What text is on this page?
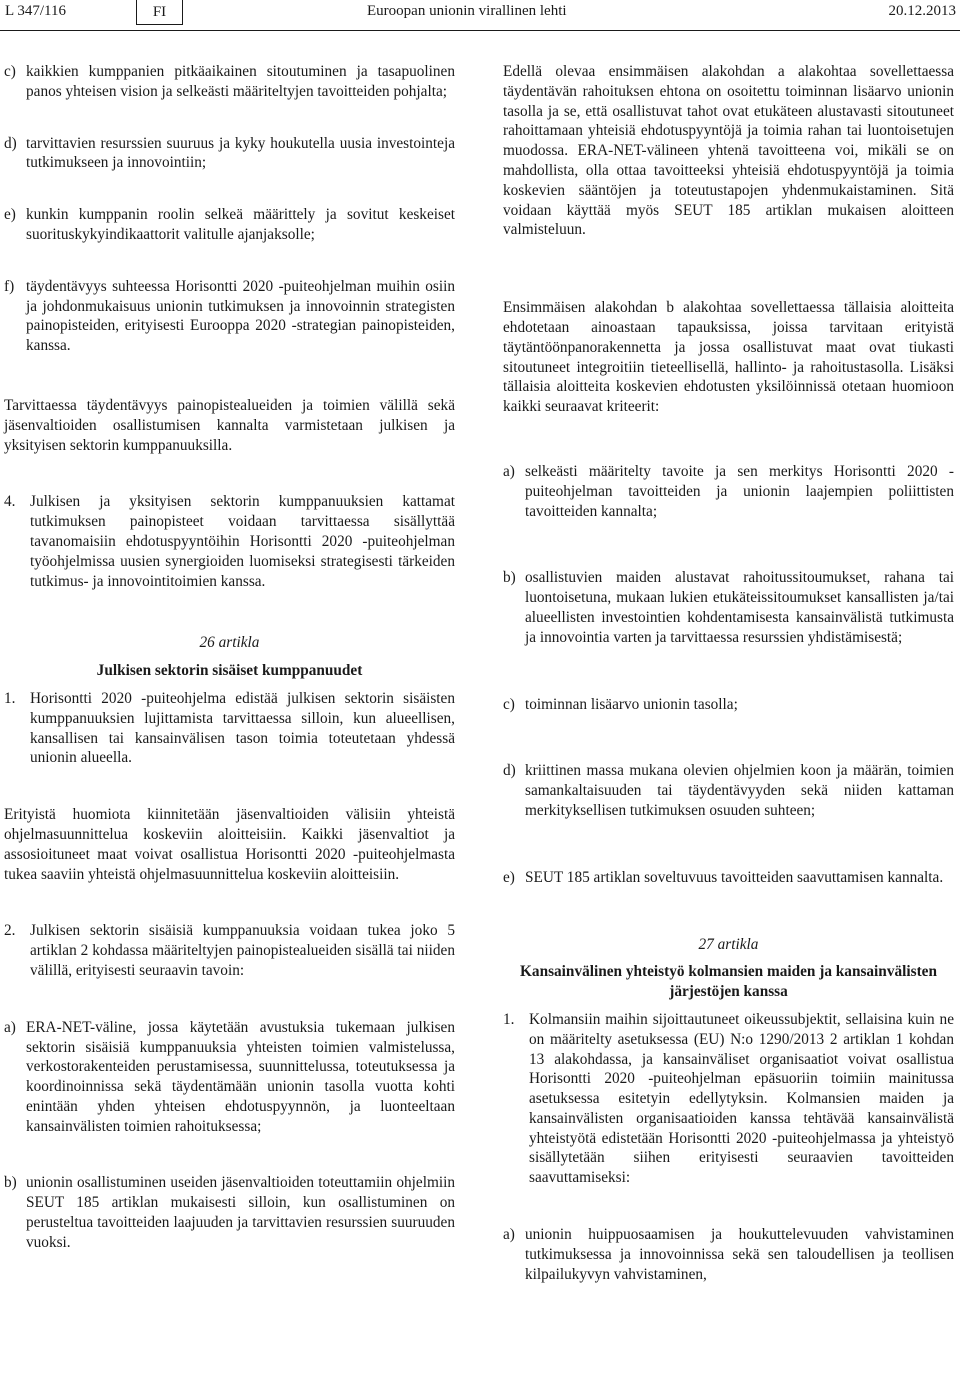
L 347/116	FI	Euroopan unionin virallinen lehti	20.12.2013
c) kaikkien kumppanien pitkäaikainen sitoutuminen ja tasapuolinen panos yhteisen vision ja selkeästi määriteltyjen tavoitteiden pohjalta;
d) tarvittavien resurssien suuruus ja kyky houkutella uusia investointeja tutkimukseen ja innovointiin;
e) kunkin kumppanin roolin selkeä määrittely ja sovitut keskeiset suorituskykyindikaattorit valitulle ajanjaksolle;
f) täydentävyys suhteessa Horisontti 2020 -puiteohjelman muihin osiin ja johdonmukaisuus unionin tutkimuksen ja innovoinnin strategisten painopisteiden, erityisesti Eurooppa 2020 -strategian painopisteiden, kanssa.

Tarvittaessa täydentävyys painopistealueiden ja toimien välillä sekä jäsenvaltioiden osallistumisen kannalta varmistetaan julkisen ja yksityisen sektorin kumppanuuksilla.

4. Julkisen ja yksityisen sektorin kumppanuuksien kattamat tutkimuksen painopisteet voidaan tarvittaessa sisällyttää tavanomaisiin ehdotuspyyntöihin Horisontti 2020 -puiteohjelman työohjelmissa uusien synergioiden luomiseksi strategisesti tärkeiden tutkimus- ja innovointitoimien kanssa.
26 artikla
Julkisen sektorin sisäiset kumppanuudet
1. Horisontti 2020 -puiteohjelma edistää julkisen sektorin sisäisten kumppanuuksien lujittamista tarvittaessa silloin, kun alueellisen, kansallisen tai kansainvälisen tason toimia toteutetaan yhdessä unionin alueella.

Erityistä huomiota kiinnitetään jäsenvaltioiden välisiin yhteistä ohjelmasuunnittelua koskeviin aloitteisiin. Kaikki jäsenvaltiot ja assosioituneet maat voivat osallistua Horisontti 2020 -puiteohjelmasta tukea saaviin yhteistä ohjelmasuunnittelua koskeviin aloitteisiin.

2. Julkisen sektorin sisäisiä kumppanuuksia voidaan tukea joko 5 artiklan 2 kohdassa määriteltyjen painopistealueiden sisällä tai niiden välillä, erityisesti seuraavin tavoin:
a) ERA-NET-väline, jossa käytetään avustuksia tukemaan julkisen sektorin sisäisiä kumppanuuksia yhteisten toimien valmistelussa, verkostorakenteiden perustamisessa, suunnittelussa, toteutuksessa ja koordinoinnissa sekä täydentämään unionin tasolla vuotta kohti enintään yhden yhteisen ehdotuspyynnön, ja luonteeltaan kansainvälisten toimien rahoituksessa;
b) unionin osallistuminen useiden jäsenvaltioiden toteuttamiin ohjelmiin SEUT 185 artiklan mukaisesti silloin, kun osallistuminen on perusteltua tavoitteiden laajuuden ja tarvittavien resurssien suuruuden vuoksi.

Edellä olevaa ensimmäisen alakohdan a alakohtaa sovellettaessa täydentävän rahoituksen ehtona on osoitettu toiminnan lisäarvo unionin tasolla ja se, että osallistuvat tahot ovat etukäteen alustavasti sitoutuneet rahoittamaan yhteisiä ehdotuspyyntöjä ja toimia rahan tai luontoisetujen muodossa. ERA-NET-välineen yhtenä tavoitteena voi, mikäli se on mahdollista, olla ottaa tavoitteeksi yhteisiä ehdotuspyyntöjä ja toimia koskevien sääntöjen ja toteutustapojen yhdenmukaistaminen. Sitä voidaan käyttää myös SEUT 185 artiklan mukaisen aloitteen valmisteluun.

Ensimmäisen alakohdan b alakohtaa sovellettaessa tällaisia aloitteita ehdotetaan ainoastaan tapauksissa, joissa tarvitaan erityistä täytäntöönpanorakennetta ja jossa osallistuvat maat ovat tiukasti sitoutuneet integroitiin tieteellisellä, hallinto- ja rahoitustasolla. Lisäksi tällaisia aloitteita koskevien ehdotusten yksilöinnissä otetaan huomioon kaikki seuraavat kriteerit:

a) selkeästi määritelty tavoite ja sen merkitys Horisontti 2020 -puiteohjelman tavoitteiden ja unionin laajempien poliittisten tavoitteiden kannalta;
b) osallistuvien maiden alustavat rahoitussitoumukset, rahana tai luontoisetuna, mukaan lukien etukäteissitoumukset kansallisten ja/tai alueellisten investointien kohdentamisesta kansainvälistä tutkimusta ja innovointia varten ja tarvittaessa resurssien yhdistämisestä;
c) toiminnan lisäarvo unionin tasolla;
d) kriittinen massa mukana olevien ohjelmien koon ja määrän, toimien samankaltaisuuden tai täydentävyyden sekä niiden kattaman merkityksellisen tutkimuksen osuuden suhteen;
e) SEUT 185 artiklan soveltuvuus tavoitteiden saavuttamisen kannalta.
27 artikla
Kansainvälinen yhteistyö kolmansien maiden ja kansainvälisten järjestöjen kanssa
1. Kolmansiin maihin sijoittautuneet oikeussubjektit, sellaisina kuin ne on määritelty asetuksessa (EU) N:o 1290/2013 2 artiklan 1 kohdan 13 alakohdassa, ja kansainväliset organisaatiot voivat osallistua Horisontti 2020 -puiteohjelman epäsuoriin toimiin mainitussa asetuksessa esitetyin edellytyksin. Kolmansien maiden ja kansainvälisten organisaatioiden kanssa tehtävää kansainvälistä yhteistyötä edistetään Horisontti 2020 -puiteohjelmassa ja yhteistyö sisällytetään siihen erityisesti seuraavien tavoitteiden saavuttamiseksi:
a) unionin huippuosaamisen ja houkuttelevuuden vahvistaminen tutkimuksessa ja innovoinnissa sekä sen taloudellisen ja teollisen kilpailukyvyn vahvistaminen,
